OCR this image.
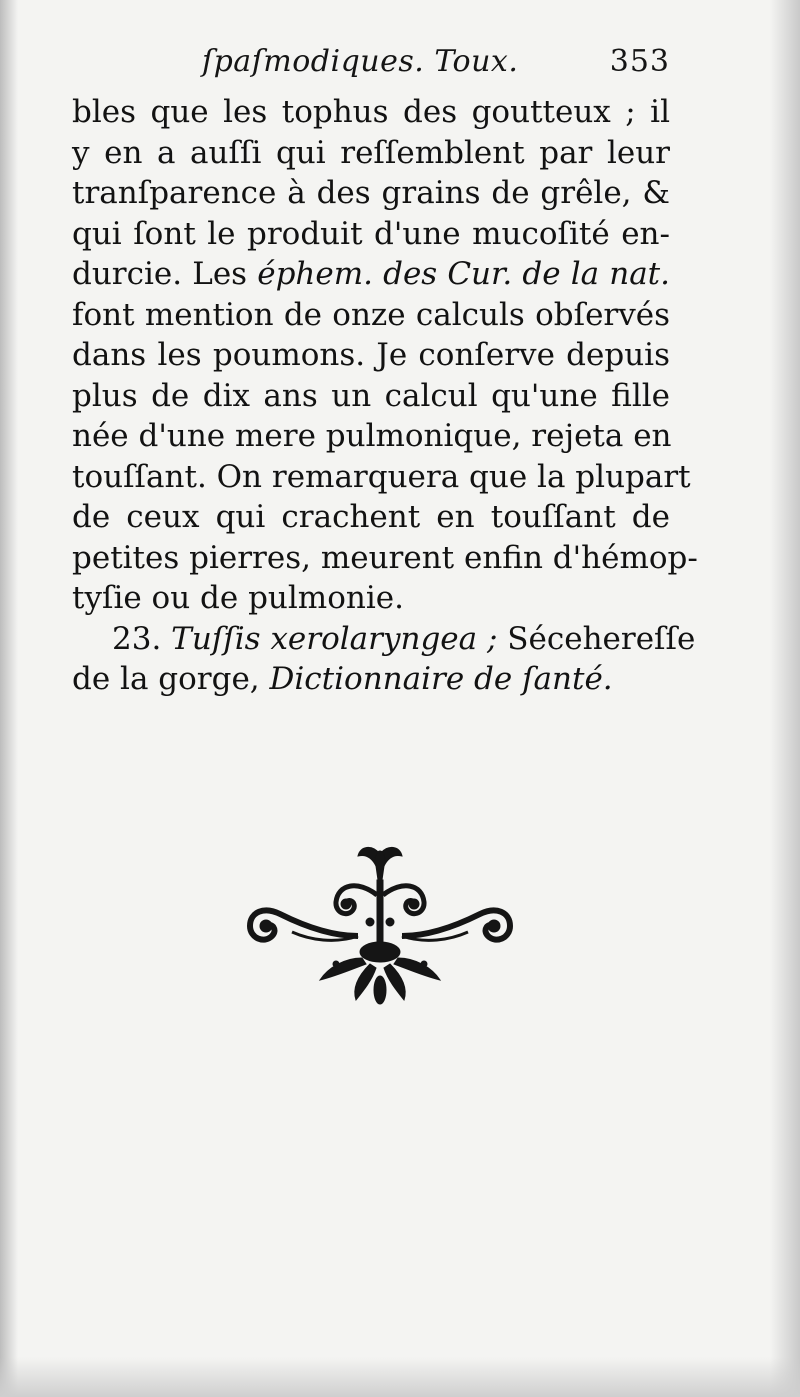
ſpaſmodiques. Toux.	353
bles que les tophus des goutteux ; il
y en a auſſi qui reſſemblent par leur
tranſparence à des grains de grêle, &
qui ſont le produit d'une mucoſité en-
durcie. Les éphem. des Cur. de la nat.
font mention de onze calculs obſervés
dans les poumons. Je conſerve depuis
plus de dix ans un calcul qu'une fille
née d'une mere pulmonique, rejeta en
touſſant. On remarquera que la plupart
de ceux qui crachent en touſſant de
petites pierres, meurent enfin d'hémop-
tyſie ou de pulmonie.
23. Tuſſis xerolaryngea ; Sécehereſſe
de la gorge, Dictionnaire de ſanté.
